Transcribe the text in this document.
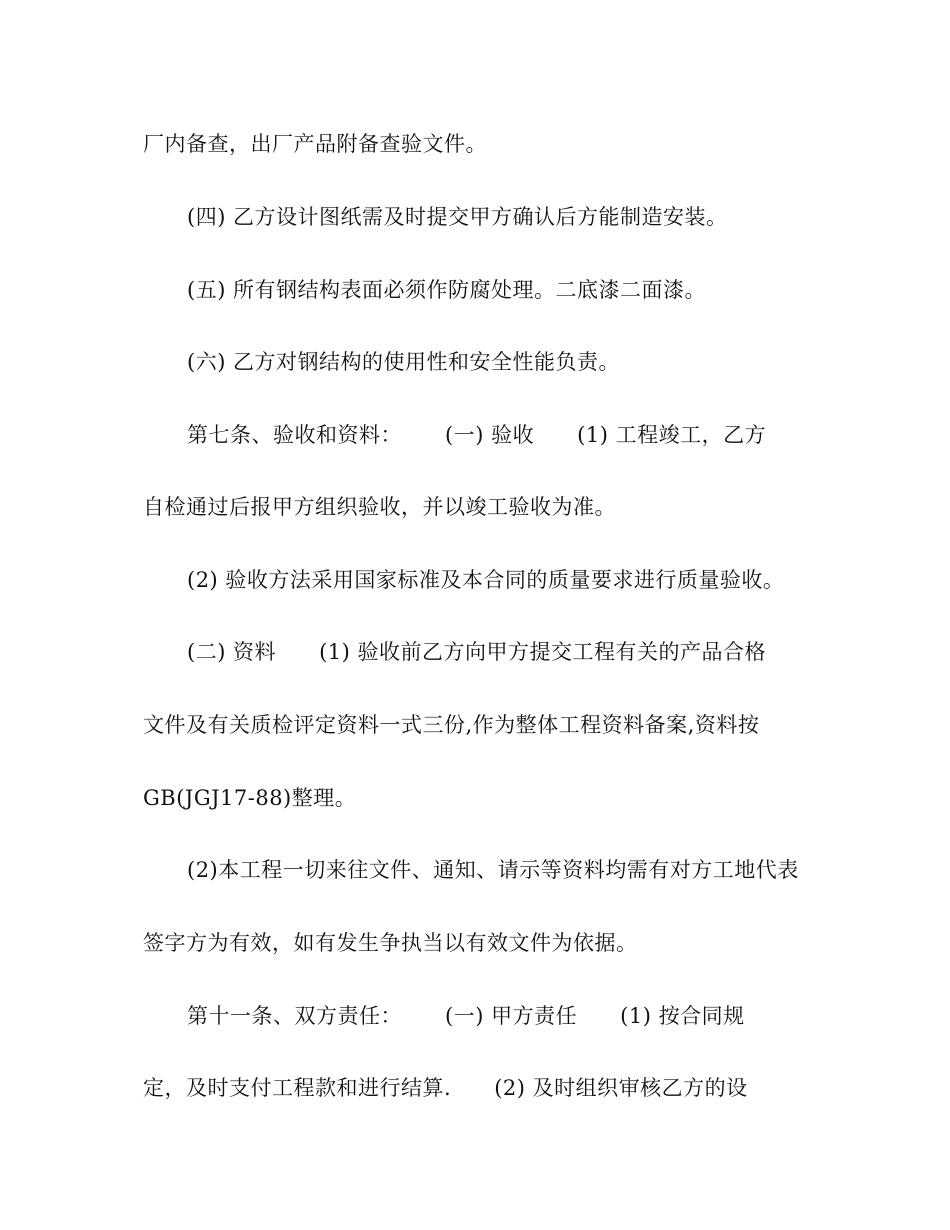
厂内备查，出厂产品附备查验文件。
(四) 乙方设计图纸需及时提交甲方确认后方能制造安装。
(五) 所有钢结构表面必须作防腐处理。二底漆二面漆。
(六) 乙方对钢结构的使用性和安全性能负责。
第七条、验收和资料：      (一) 验收      (1) 工程竣工，乙方
自检通过后报甲方组织验收，并以竣工验收为准。
(2) 验收方法采用国家标准及本合同的质量要求进行质量验收。
(二) 资料      (1) 验收前乙方向甲方提交工程有关的产品合格
文件及有关质检评定资料一式三份,作为整体工程资料备案,资料按
GB(JGJ17-88)整理。
(2)本工程一切来往文件、通知、请示等资料均需有对方工地代表
签字方为有效，如有发生争执当以有效文件为依据。
第十一条、双方责任：      (一) 甲方责任      (1) 按合同规
定，及时支付工程款和进行结算.      (2) 及时组织审核乙方的设
